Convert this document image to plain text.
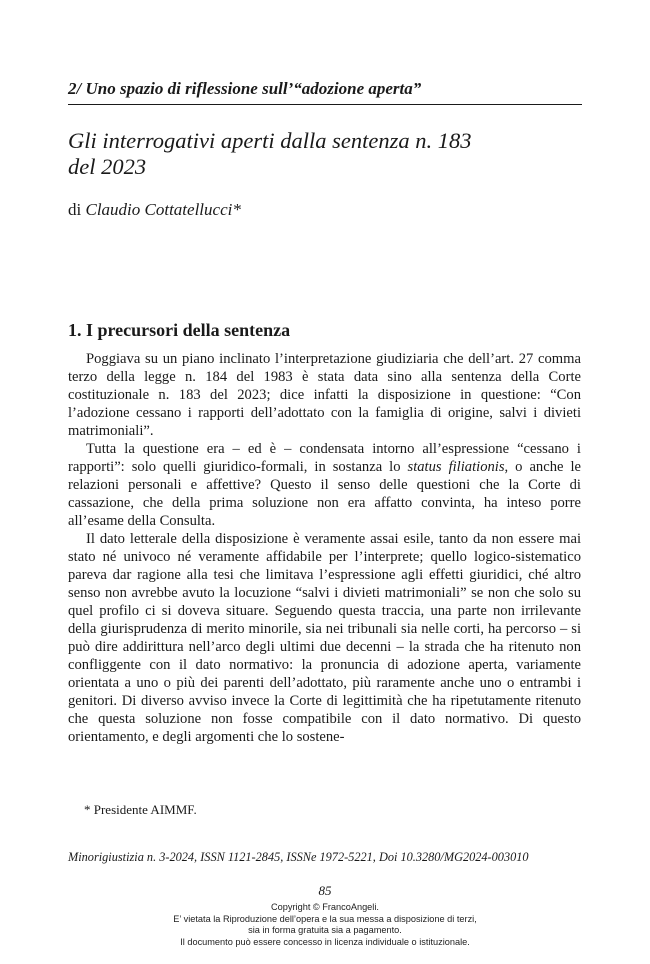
2/ Uno spazio di riflessione sull’“adozione aperta”
Gli interrogativi aperti dalla sentenza n. 183
del 2023
di Claudio Cottatellucci*
1. I precursori della sentenza

Poggiava su un piano inclinato l’interpretazione giudiziaria che dell’art. 27 comma terzo della legge n. 184 del 1983 è stata data sino alla sentenza della Corte costituzionale n. 183 del 2023; dice infatti la disposizione in questione: “Con l’adozione cessano i rapporti dell’adottato con la famiglia di origine, salvi i divieti matrimoniali”.

Tutta la questione era – ed è – condensata intorno all’espressione “cessano i rapporti”: solo quelli giuridico-formali, in sostanza lo status filiationis, o anche le relazioni personali e affettive? Questo il senso delle questioni che la Corte di cassazione, che della prima soluzione non era affatto convinta, ha inteso porre all’esame della Consulta.

Il dato letterale della disposizione è veramente assai esile, tanto da non essere mai stato né univoco né veramente affidabile per l’interprete; quello logico-sistematico pareva dar ragione alla tesi che limitava l’espressione agli effetti giuridici, ché altro senso non avrebbe avuto la locuzione “salvi i divieti matrimoniali” se non che solo su quel profilo ci si doveva situare. Seguendo questa traccia, una parte non irrilevante della giurisprudenza di merito minorile, sia nei tribunali sia nelle corti, ha percorso – si può dire addirittura nell’arco degli ultimi due decenni – la strada che ha ritenuto non confliggente con il dato normativo: la pronuncia di adozione aperta, variamente orientata a uno o più dei parenti dell’adottato, più raramente anche uno o entrambi i genitori. Di diverso avviso invece la Corte di legittimità che ha ripetutamente ritenuto che questa soluzione non fosse compatibile con il dato normativo. Di questo orientamento, e degli argomenti che lo sostene-

* Presidente AIMMF.
Minorigiustizia n. 3-2024, ISSN 1121-2845, ISSNe 1972-5221, Doi 10.3280/MG2024-003010
85
Copyright © FrancoAngeli.
E’ vietata la Riproduzione dell’opera e la sua messa a disposizione di terzi,
sia in forma gratuita sia a pagamento.
Il documento può essere concesso in licenza individuale o istituzionale.
